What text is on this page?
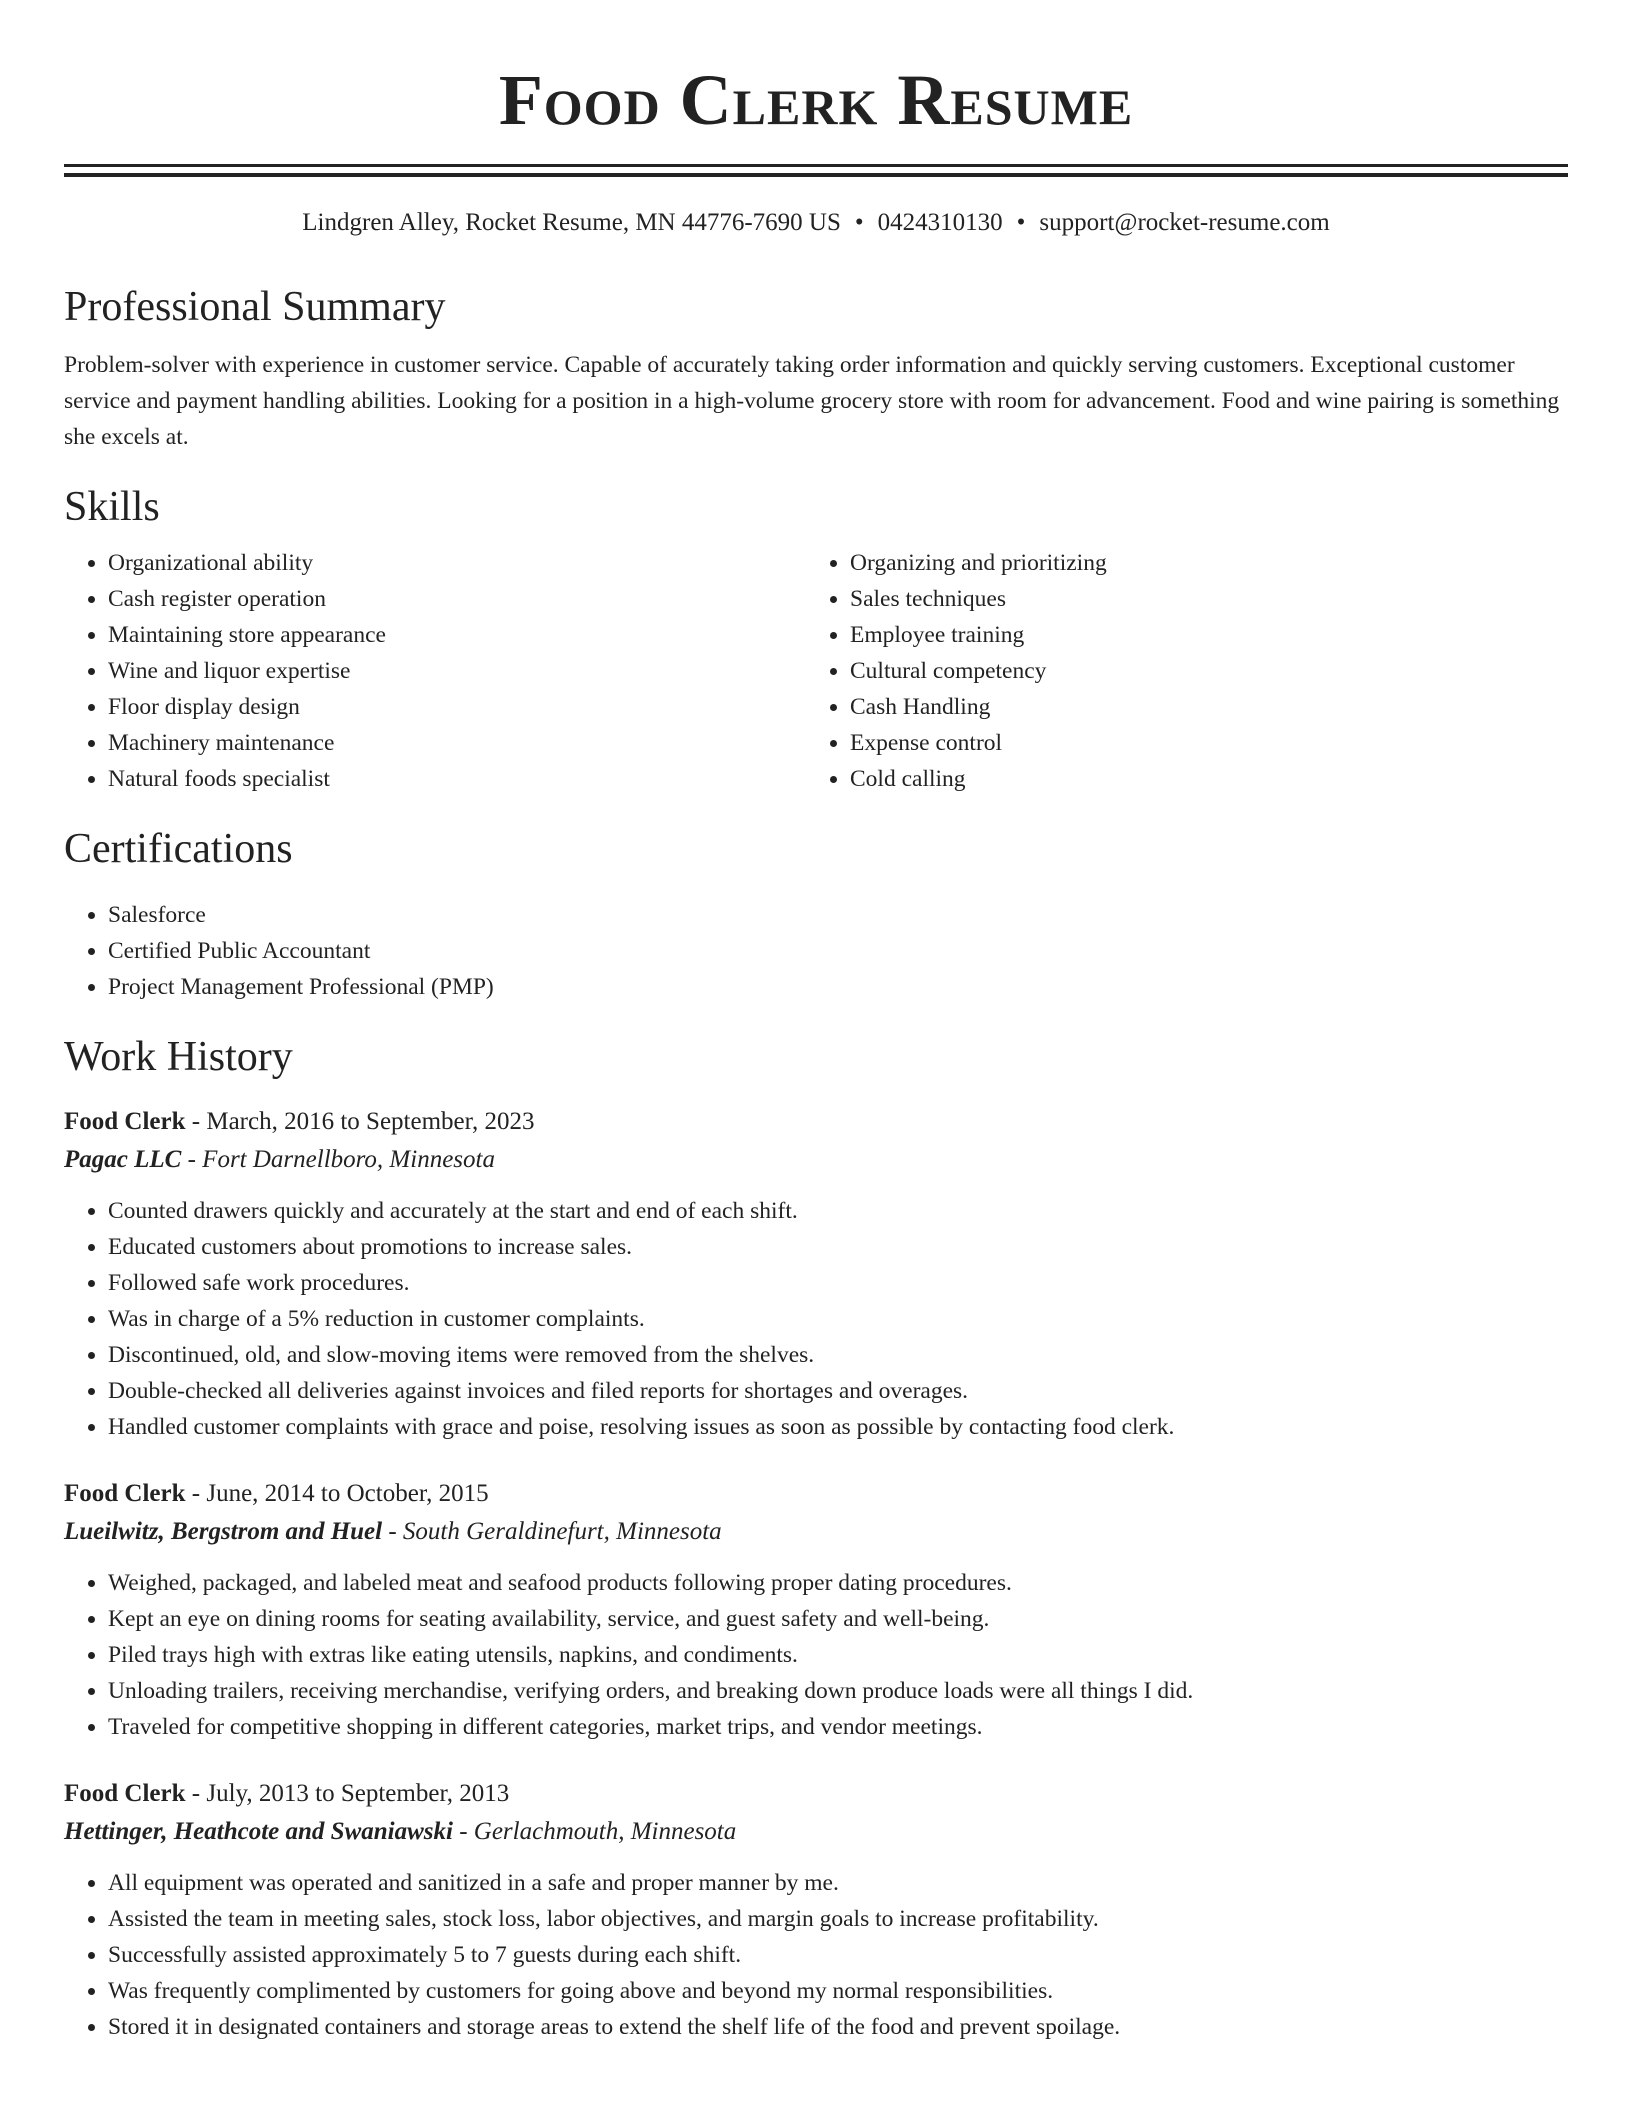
Food Clerk Resume
Lindgren Alley, Rocket Resume, MN 44776-7690 US • 0424310130 • support@rocket-resume.com
Professional Summary

Problem-solver with experience in customer service. Capable of accurately taking order information and quickly serving customers. Exceptional customer service and payment handling abilities. Looking for a position in a high-volume grocery store with room for advancement. Food and wine pairing is something she excels at.

Skills
• Organizational ability
• Cash register operation
• Maintaining store appearance
• Wine and liquor expertise
• Floor display design
• Machinery maintenance
• Natural foods specialist
• Organizing and prioritizing
• Sales techniques
• Employee training
• Cultural competency
• Cash Handling
• Expense control
• Cold calling
Certifications
• Salesforce
• Certified Public Accountant
• Project Management Professional (PMP)
Work History
Food Clerk - March, 2016 to September, 2023
Pagac LLC - Fort Darnellboro, Minnesota
• Counted drawers quickly and accurately at the start and end of each shift.
• Educated customers about promotions to increase sales.
• Followed safe work procedures.
• Was in charge of a 5% reduction in customer complaints.
• Discontinued, old, and slow-moving items were removed from the shelves.
• Double-checked all deliveries against invoices and filed reports for shortages and overages.
• Handled customer complaints with grace and poise, resolving issues as soon as possible by contacting food clerk.
Food Clerk - June, 2014 to October, 2015
Lueilwitz, Bergstrom and Huel - South Geraldinefurt, Minnesota
• Weighed, packaged, and labeled meat and seafood products following proper dating procedures.
• Kept an eye on dining rooms for seating availability, service, and guest safety and well-being.
• Piled trays high with extras like eating utensils, napkins, and condiments.
• Unloading trailers, receiving merchandise, verifying orders, and breaking down produce loads were all things I did.
• Traveled for competitive shopping in different categories, market trips, and vendor meetings.
Food Clerk - July, 2013 to September, 2013
Hettinger, Heathcote and Swaniawski - Gerlachmouth, Minnesota
• All equipment was operated and sanitized in a safe and proper manner by me.
• Assisted the team in meeting sales, stock loss, labor objectives, and margin goals to increase profitability.
• Successfully assisted approximately 5 to 7 guests during each shift.
• Was frequently complimented by customers for going above and beyond my normal responsibilities.
• Stored it in designated containers and storage areas to extend the shelf life of the food and prevent spoilage.
